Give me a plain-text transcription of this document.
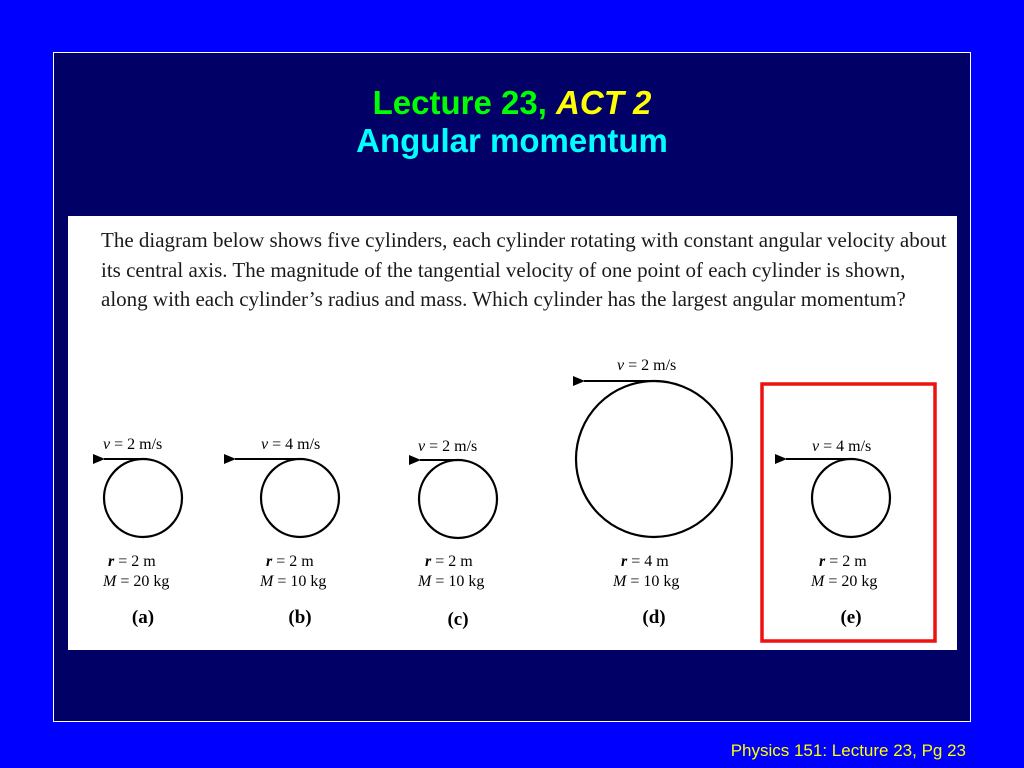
Lecture 23, ACT 2
Angular momentum
The diagram below shows five cylinders, each cylinder rotating with constant angular velocity about its central axis. The magnitude of the tangential velocity of one point of each cylinder is shown, along with each cylinder’s radius and mass. Which cylinder has the largest angular momentum?
v = 2 m/s
r = 2 m
M = 20 kg
(a)
v = 4 m/s
r = 2 m
M = 10 kg
(b)
v = 2 m/s
r = 2 m
M = 10 kg
(c)
v = 2 m/s
r = 4 m
M = 10 kg
(d)
v = 4 m/s
r = 2 m
M = 20 kg
(e)
Physics 151: Lecture 23, Pg 23
